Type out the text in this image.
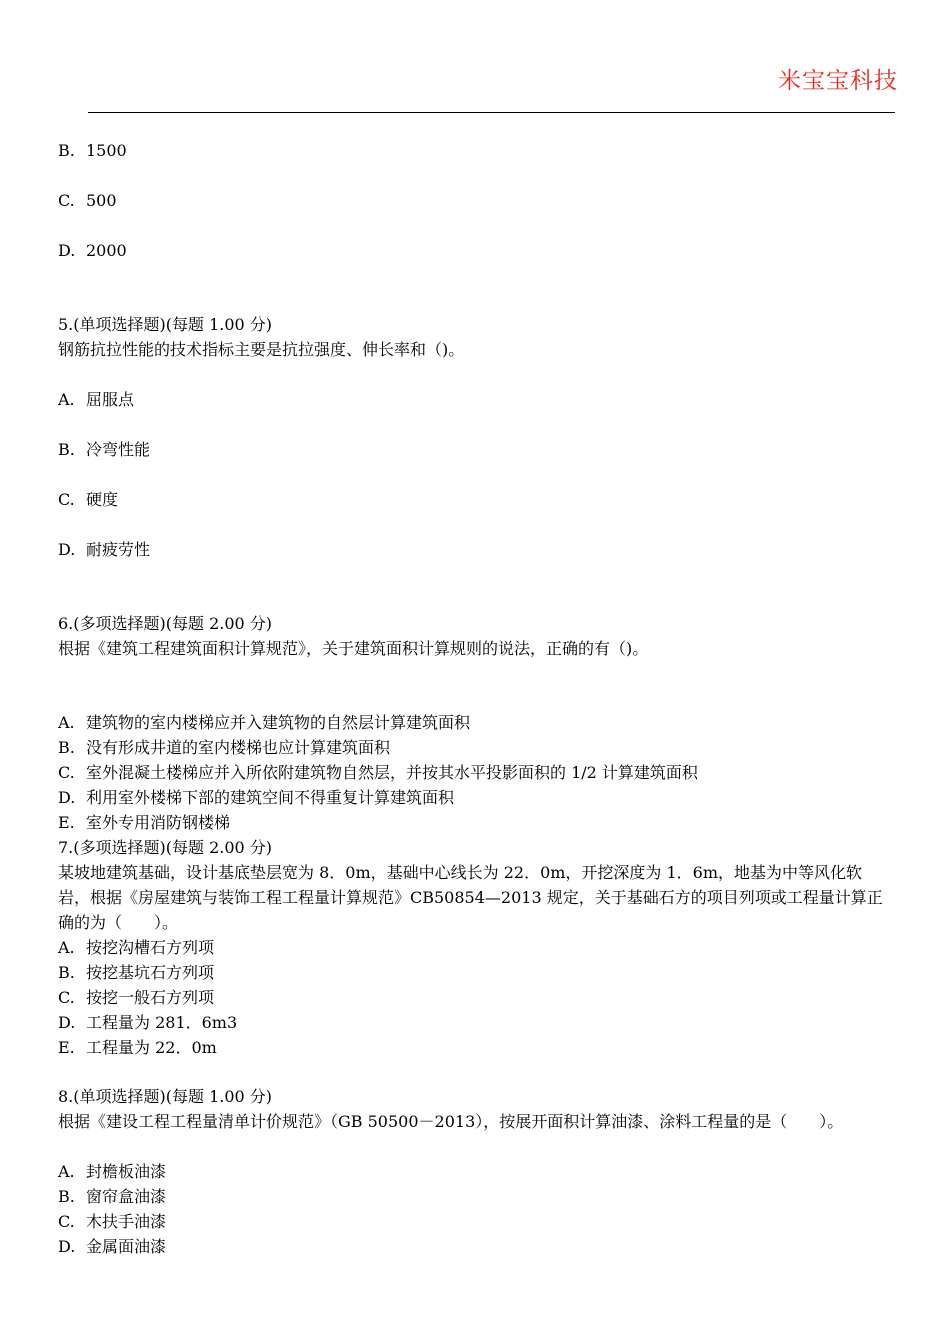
米宝宝科技
B. 1500
C. 500
D. 2000
5.(单项选择题)(每题 1.00 分)
钢筋抗拉性能的技术指标主要是抗拉强度、伸长率和（)。
A. 屈服点
B. 冷弯性能
C. 硬度
D. 耐疲劳性
6.(多项选择题)(每题 2.00 分)
根据《建筑工程建筑面积计算规范》，关于建筑面积计算规则的说法，正确的有（)。
A. 建筑物的室内楼梯应并入建筑物的自然层计算建筑面积
B. 没有形成井道的室内楼梯也应计算建筑面积
C. 室外混凝土楼梯应并入所依附建筑物自然层，并按其水平投影面积的 1/2 计算建筑面积
D. 利用室外楼梯下部的建筑空间不得重复计算建筑面积
E. 室外专用消防钢楼梯
7.(多项选择题)(每题 2.00 分)
某坡地建筑基础，设计基底垫层宽为 8．0m，基础中心线长为 22．0m，开挖深度为 1．6m，地基为中等风化软岩，根据《房屋建筑与装饰工程工程量计算规范》CB50854—2013 规定，关于基础石方的项目列项或工程量计算正确的为（　　）。
A. 按挖沟槽石方列项
B. 按挖基坑石方列项
C. 按挖一般石方列项
D. 工程量为 281．6m3
E. 工程量为 22．0m
8.(单项选择题)(每题 1.00 分)
根据《建设工程工程量清单计价规范》（GB 50500－2013），按展开面积计算油漆、涂料工程量的是（　　）。
A. 封檐板油漆
B. 窗帘盒油漆
C. 木扶手油漆
D. 金属面油漆
